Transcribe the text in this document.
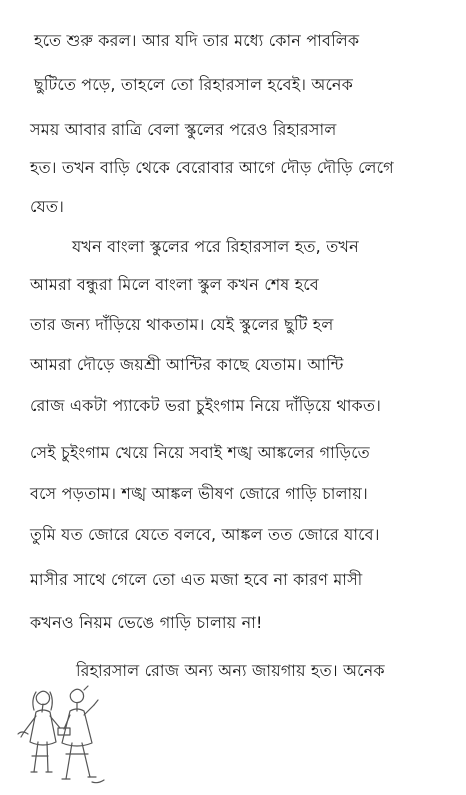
হতে শুরু করল। আর যদি তার মধ্যে কোন পাবলিক
ছুটিতে পড়ে, তাহলে তো রিহারসাল হবেই। অনেক
সময় আবার রাত্রি বেলা স্কুলের পরেও রিহারসাল
হত। তখন বাড়ি থেকে বেরোবার আগে দৌড় দৌড়ি লেগে
যেত।
যখন বাংলা স্কুলের পরে রিহারসাল হত, তখন
আমরা বন্ধুরা মিলে বাংলা স্কুল কখন শেষ হবে
তার জন্য দাঁড়িয়ে থাকতাম। যেই স্কুলের ছুটি হল
আমরা দৌড়ে জয়শ্রী আন্টির কাছে যেতাম। আন্টি
রোজ একটা প্যাকেট ভরা চুইংগাম নিয়ে দাঁড়িয়ে থাকত।
সেই চুইংগাম খেয়ে নিয়ে সবাই শঙ্খ আঙ্কলের গাড়িতে
বসে পড়তাম। শঙ্খ আঙ্কল ভীষণ জোরে গাড়ি চালায়।
তুমি যত জোরে যেতে বলবে, আঙ্কল তত জোরে যাবে।
মাসীর সাথে গেলে তো এত মজা হবে না কারণ মাসী
কখনও নিয়ম ভেঙে গাড়ি চালায় না!
রিহারসাল রোজ অন্য অন্য জায়গায় হত। অনেক
